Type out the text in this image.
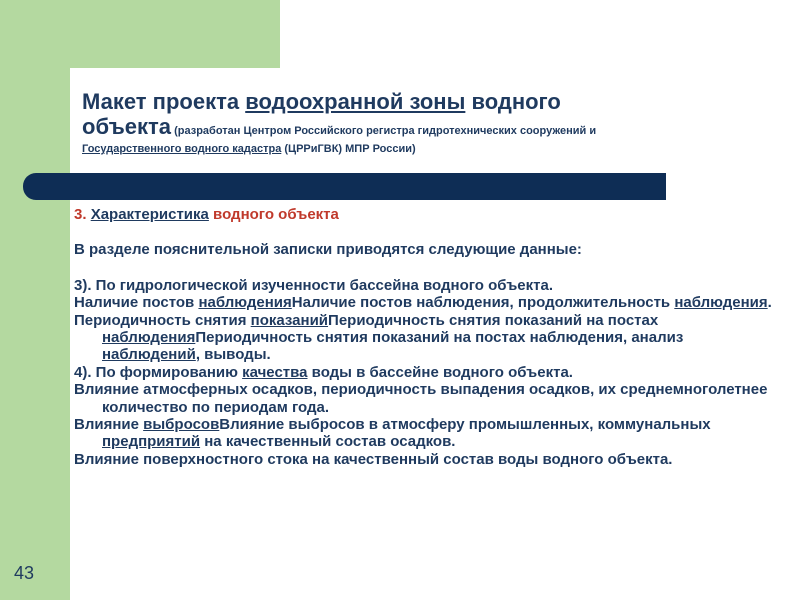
Макет проекта водоохранной зоны водного
объекта (разработан Центром Российского регистра гидротехнических сооружений и
Государственного водного кадастра (ЦРРиГВК) МПР России)

3. Характеристика водного объекта

В разделе пояснительной записки приводятся следующие данные:

3). По гидрологической изученности бассейна водного объекта.

Наличие постов наблюденияНаличие постов наблюдения, продолжительность наблюдения.

Периодичность снятия показанийПериодичность снятия показаний на постах наблюденияПериодичность снятия показаний на постах наблюдения, анализ наблюдений, выводы.

4). По формированию качества воды в бассейне водного объекта.

Влияние атмосферных осадков, периодичность выпадения осадков, их среднемноголетнее количество по периодам года.

Влияние выбросовВлияние выбросов в атмосферу промышленных, коммунальных предприятий на качественный состав осадков.

Влияние поверхностного стока на качественный состав воды водного объекта.

43
